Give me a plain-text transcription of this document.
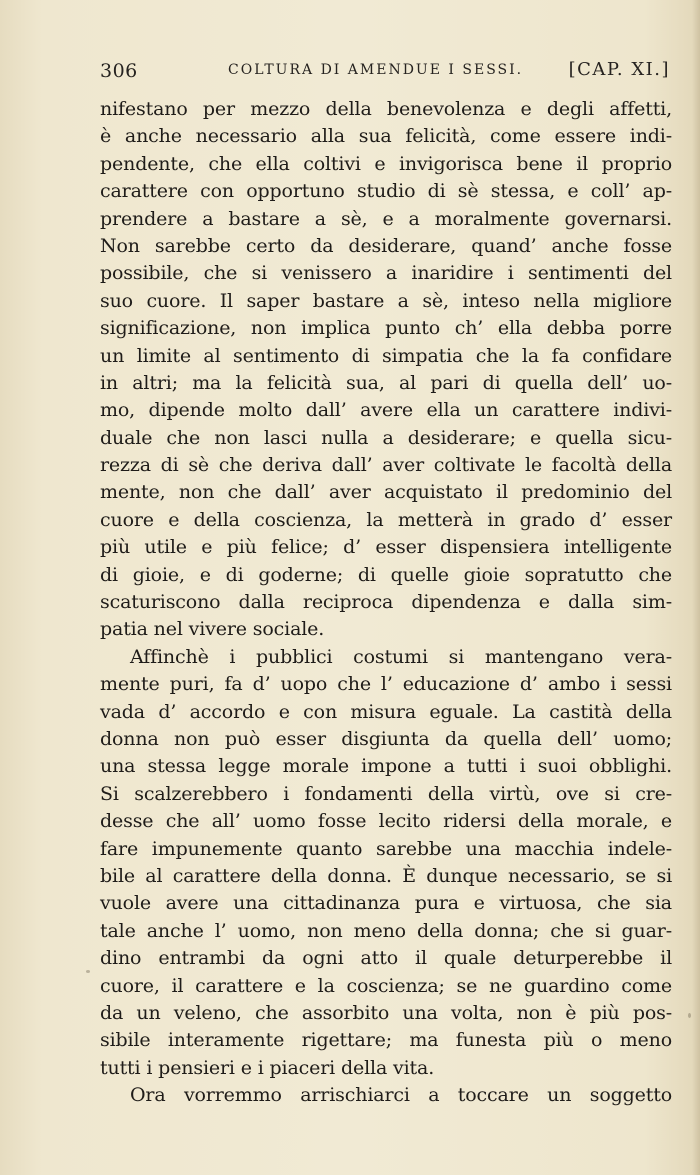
306	COLTURA DI AMENDUE I SESSI.	[CAP. XI.]
nifestano per mezzo della benevolenza e degli affetti,
è anche necessario alla sua felicità, come essere indi-
pendente, che ella coltivi e invigorisca bene il proprio
carattere con opportuno studio di sè stessa, e coll’ ap-
prendere a bastare a sè, e a moralmente governarsi.
Non sarebbe certo da desiderare, quand’ anche fosse
possibile, che si venissero a inaridire i sentimenti del
suo cuore. Il saper bastare a sè, inteso nella migliore
significazione, non implica punto ch’ ella debba porre
un limite al sentimento di simpatia che la fa confidare
in altri; ma la felicità sua, al pari di quella dell’ uo-
mo, dipende molto dall’ avere ella un carattere indivi-
duale che non lasci nulla a desiderare; e quella sicu-
rezza di sè che deriva dall’ aver coltivate le facoltà della
mente, non che dall’ aver acquistato il predominio del
cuore e della coscienza, la metterà in grado d’ esser
più utile e più felice; d’ esser dispensiera intelligente
di gioie, e di goderne; di quelle gioie sopratutto che
scaturiscono dalla reciproca dipendenza e dalla sim-
patia nel vivere sociale.
Affinchè i pubblici costumi si mantengano vera-
mente puri, fa d’ uopo che l’ educazione d’ ambo i sessi
vada d’ accordo e con misura eguale. La castità della
donna non può esser disgiunta da quella dell’ uomo;
una stessa legge morale impone a tutti i suoi obblighi.
Si scalzerebbero i fondamenti della virtù, ove si cre-
desse che all’ uomo fosse lecito ridersi della morale, e
fare impunemente quanto sarebbe una macchia indele-
bile al carattere della donna. È dunque necessario, se si
vuole avere una cittadinanza pura e virtuosa, che sia
tale anche l’ uomo, non meno della donna; che si guar-
dino entrambi da ogni atto il quale deturperebbe il
cuore, il carattere e la coscienza; se ne guardino come
da un veleno, che assorbito una volta, non è più pos-
sibile interamente rigettare; ma funesta più o meno
tutti i pensieri e i piaceri della vita.
Ora vorremmo arrischiarci a toccare un soggetto
